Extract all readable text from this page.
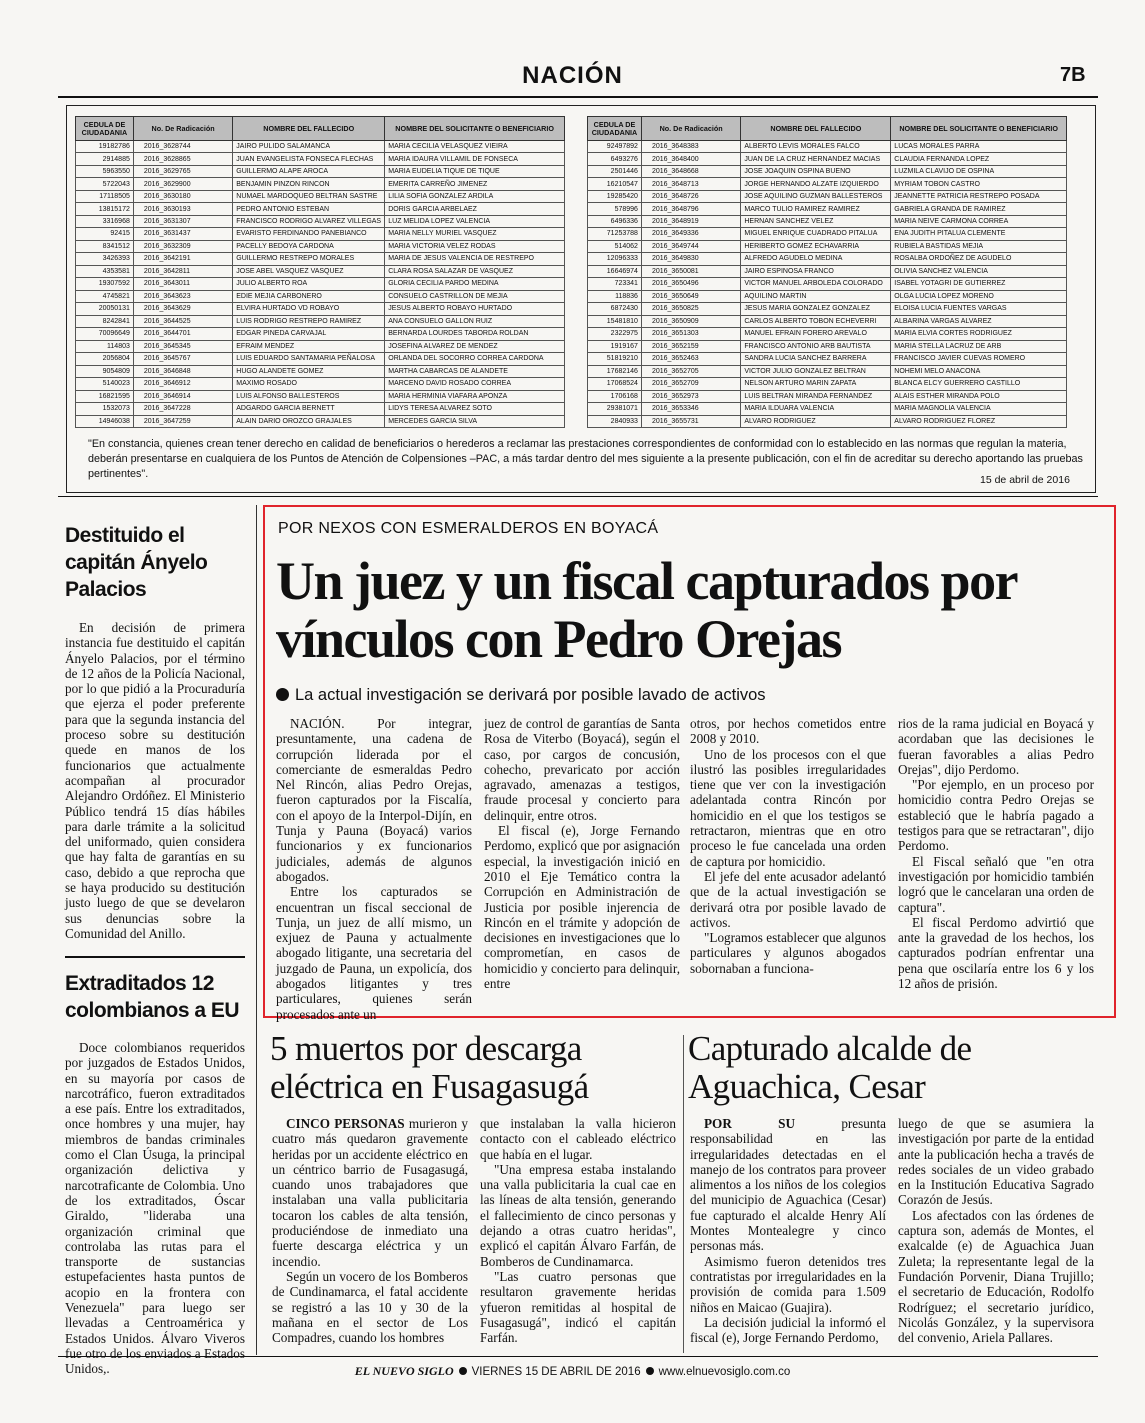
NACIÓN	7B
CEDULA DE CIUDADANIA	No. De Radicación	NOMBRE DEL FALLECIDO	NOMBRE DEL SOLICITANTE O BENEFICIARIO
19182786	2016_3628744	JAIRO PULIDO SALAMANCA	MARIA CECILIA VELASQUEZ VIEIRA
2914885	2016_3628865	JUAN EVANGELISTA FONSECA FLECHAS	MARIA IDAURA VILLAMIL DE FONSECA
5963550	2016_3629765	GUILLERMO ALAPE AROCA	MARIA EUDELIA TIQUE DE TIQUE
5722043	2016_3629900	BENJAMIN PINZON RINCON	EMERITA CARREÑO JIMENEZ
17118505	2016_3630180	NUMAEL MARDOQUEO BELTRAN SASTRE	LILIA SOFIA GONZALEZ ARDILA
13815172	2016_3630193	PEDRO ANTONIO ESTEBAN	DORIS GARCIA ARBELAEZ
3316968	2016_3631307	FRANCISCO RODRIGO ALVAREZ VILLEGAS	LUZ MELIDA LOPEZ VALENCIA
92415	2016_3631437	EVARISTO FERDINANDO PANEBIANCO	MARIA NELLY MURIEL VASQUEZ
8341512	2016_3632309	PACELLY BEDOYA CARDONA	MARIA VICTORIA VELEZ RODAS
3426393	2016_3642191	GUILLERMO RESTREPO MORALES	MARIA DE JESUS VALENCIA DE RESTREPO
4353581	2016_3642811	JOSE ABEL VASQUEZ VASQUEZ	CLARA ROSA SALAZAR DE VASQUEZ
19307592	2016_3643011	JULIO ALBERTO ROA	GLORIA CECILIA PARDO MEDINA
4745821	2016_3643623	EDIE MEJIA CARBONERO	CONSUELO CASTRILLON DE MEJIA
20050131	2016_3643629	ELVIRA HURTADO VD ROBAYO	JESUS ALBERTO ROBAYO HURTADO
8242841	2016_3644525	LUIS RODRIGO RESTREPO RAMIREZ	ANA CONSUELO GALLON RUIZ
70096649	2016_3644701	EDGAR PINEDA CARVAJAL	BERNARDA LOURDES TABORDA ROLDAN
114803	2016_3645345	EFRAIM MENDEZ	JOSEFINA ALVAREZ DE MENDEZ
2056804	2016_3645767	LUIS EDUARDO SANTAMARIA PEÑALOSA	ORLANDA DEL SOCORRO CORREA CARDONA
9054809	2016_3646848	HUGO ALANDETE GOMEZ	MARTHA CABARCAS DE ALANDETE
5140023	2016_3646912	MAXIMO ROSADO	MARCENO DAVID ROSADO CORREA
16821595	2016_3646914	LUIS ALFONSO BALLESTEROS	MARIA HERMINIA VIAFARA APONZA
1532073	2016_3647228	ADGARDO GARCIA BERNETT	LIDYS TERESA ALVAREZ SOTO
14946038	2016_3647259	ALAIN DARIO OROZCO GRAJALES	MERCEDES GARCIA SILVA
CEDULA DE CIUDADANIA	No. De Radicación	NOMBRE DEL FALLECIDO	NOMBRE DEL SOLICITANTE O BENEFICIARIO
92497892	2016_3648383	ALBERTO LEVIS MORALES FALCO	LUCAS MORALES PARRA
6493276	2016_3648400	JUAN DE LA CRUZ HERNANDEZ MACIAS	CLAUDIA FERNANDA LOPEZ
2501446	2016_3648668	JOSE JOAQUIN OSPINA BUENO	LUZMILA CLAVIJO DE OSPINA
16210547	2016_3648713	JORGE HERNANDO ALZATE IZQUIERDO	MYRIAM TOBON CASTRO
19285420	2016_3648726	JOSE AQUILINO GUZMAN BALLESTEROS	JEANNETTE PATRICIA RESTREPO POSADA
578996	2016_3648796	MARCO TULIO RAMIREZ RAMIREZ	GABRIELA GRANDA DE RAMIREZ
6496336	2016_3648919	HERNAN SANCHEZ VELEZ	MARIA NEIVE CARMONA CORREA
71253788	2016_3649336	MIGUEL ENRIQUE CUADRADO PITALUA	ENA JUDITH PITALUA CLEMENTE
514062	2016_3649744	HERIBERTO GOMEZ ECHAVARRIA	RUBIELA BASTIDAS MEJIA
12096333	2016_3649830	ALFREDO AGUDELO MEDINA	ROSALBA ORDOÑEZ DE AGUDELO
16646974	2016_3650081	JAIRO ESPINOSA FRANCO	OLIVIA SANCHEZ VALENCIA
723341	2016_3650496	VICTOR MANUEL ARBOLEDA COLORADO	ISABEL YOTAGRI DE GUTIERREZ
118836	2016_3650649	AQUILINO MARTIN	OLGA LUCIA LOPEZ MORENO
6872430	2016_3650825	JESUS MARIA GONZALEZ GONZALEZ	ELOISA LUCIA FUENTES VARGAS
15481810	2016_3650909	CARLOS ALBERTO TOBON ECHEVERRI	ALBARINA VARGAS ALVAREZ
2322975	2016_3651303	MANUEL EFRAIN FORERO AREVALO	MARIA ELVIA CORTES RODRIGUEZ
1919167	2016_3652159	FRANCISCO ANTONIO ARB BAUTISTA	MARIA STELLA LACRUZ DE ARB
51819210	2016_3652463	SANDRA LUCIA SANCHEZ BARRERA	FRANCISCO JAVIER CUEVAS ROMERO
17682146	2016_3652705	VICTOR JULIO GONZALEZ BELTRAN	NOHEMI MELO ANACONA
17068524	2016_3652709	NELSON ARTURO MARIN ZAPATA	BLANCA ELCY GUERRERO CASTILLO
1706168	2016_3652973	LUIS BELTRAN MIRANDA FERNANDEZ	ALAIS ESTHER MIRANDA POLO
29381071	2016_3653346	MARIA ILDUARA VALENCIA	MARIA MAGNOLIA VALENCIA
2840933	2016_3655731	ALVARO RODRIGUEZ	ALVARO RODRIGUEZ FLOREZ
"En constancia, quienes crean tener derecho en calidad de beneficiarios o herederos a reclamar las prestaciones correspondientes de conformidad con lo establecido en las normas que regulan la materia, deberán presentarse en cualquiera de los Puntos de Atención de Colpensiones –PAC, a más tardar dentro del mes siguiente a la presente publicación, con el fin de acreditar su derecho aportando las pruebas pertinentes".	15 de abril de 2016
Destituido el capitán Ányelo Palacios

En decisión de primera instancia fue destituido el capitán Ányelo Palacios, por el término de 12 años de la Policía Nacional, por lo que pidió a la Procuraduría que ejerza el poder preferente para que la segunda instancia del proceso sobre su destitución quede en manos de los funcionarios que actualmente acompañan al procurador Alejandro Ordóñez. El Ministerio Público tendrá 15 días hábiles para darle trámite a la solicitud del uniformado, quien considera que hay falta de garantías en su caso, debido a que reprocha que se haya producido su destitución justo luego de que se develaron sus denuncias sobre la Comunidad del Anillo.

Extraditados 12 colombianos a EU

Doce colombianos requeridos por juzgados de Estados Unidos, en su mayoría por casos de narcotráfico, fueron extraditados a ese país. Entre los extraditados, once hombres y una mujer, hay miembros de bandas criminales como el Clan Úsuga, la principal organización delictiva y narcotraficante de Colombia. Uno de los extraditados, Óscar Giraldo, "lideraba una organización criminal que controlaba las rutas para el transporte de sustancias estupefacientes hasta puntos de acopio en la frontera con Venezuela" para luego ser llevadas a Centroamérica y Estados Unidos. Álvaro Viveros fue otro de los enviados a Estados Unidos,.

POR NEXOS CON ESMERALDEROS EN BOYACÁ
Un juez y un fiscal capturados por vínculos con Pedro Orejas
La actual investigación se derivará por posible lavado de activos

NACIÓN. Por integrar, presuntamente, una cadena de corrupción liderada por el comerciante de esmeraldas Pedro Nel Rincón, alias Pedro Orejas, fueron capturados por la Fiscalía, con el apoyo de la Interpol-Dijín, en Tunja y Pauna (Boyacá) varios funcionarios y ex funcionarios judiciales, además de algunos abogados.

Entre los capturados se encuentran un fiscal seccional de Tunja, un juez de allí mismo, un exjuez de Pauna y actualmente abogado litigante, una secretaria del juzgado de Pauna, un expolicía, dos abogados litigantes y tres particulares, quienes serán procesados ante un

juez de control de garantías de Santa Rosa de Viterbo (Boyacá), según el caso, por cargos de concusión, cohecho, prevaricato por acción agravado, amenazas a testigos, fraude procesal y concierto para delinquir, entre otros.

El fiscal (e), Jorge Fernando Perdomo, explicó que por asignación especial, la investigación inició en 2010 el Eje Temático contra la Corrupción en Administración de Justicia por posible injerencia de Rincón en el trámite y adopción de decisiones en investigaciones que lo comprometían, en casos de homicidio y concierto para delinquir, entre

otros, por hechos cometidos entre 2008 y 2010.

Uno de los procesos con el que ilustró las posibles irregularidades tiene que ver con la investigación adelantada contra Rincón por homicidio en el que los testigos se retractaron, mientras que en otro proceso le fue cancelada una orden de captura por homicidio.

El jefe del ente acusador adelantó que de la actual investigación se derivará otra por posible lavado de activos.

"Logramos establecer que algunos particulares y algunos abogados sobornaban a funciona-

rios de la rama judicial en Boyacá y acordaban que las decisiones le fueran favorables a alias Pedro Orejas", dijo Perdomo.

"Por ejemplo, en un proceso por homicidio contra Pedro Orejas se estableció que le habría pagado a testigos para que se retractaran", dijo Perdomo.

El Fiscal señaló que "en otra investigación por homicidio también logró que le cancelaran una orden de captura".

El fiscal Perdomo advirtió que ante la gravedad de los hechos, los capturados podrían enfrentar una pena que oscilaría entre los 6 y los 12 años de prisión.

5 muertos por descarga eléctrica en Fusagasugá

CINCO PERSONAS murieron y cuatro más quedaron gravemente heridas por un accidente eléctrico en un céntrico barrio de Fusagasugá, cuando unos trabajadores que instalaban una valla publicitaria tocaron los cables de alta tensión, produciéndose de inmediato una fuerte descarga eléctrica y un incendio.

Según un vocero de los Bomberos de Cundinamarca, el fatal accidente se registró a las 10 y 30 de la mañana en el sector de Los Compadres, cuando los hombres

que instalaban la valla hicieron contacto con el cableado eléctrico que había en el lugar.

"Una empresa estaba instalando una valla publicitaria la cual cae en las líneas de alta tensión, generando el fallecimiento de cinco personas y dejando a otras cuatro heridas", explicó el capitán Álvaro Farfán, de Bomberos de Cundinamarca.

"Las cuatro personas que resultaron gravemente heridas yfueron remitidas al hospital de Fusagasugá", indicó el capitán Farfán.

Capturado alcalde de Aguachica, Cesar

POR SU	presunta responsabilidad en las irregularidades detectadas en el manejo de los contratos para proveer alimentos a los niños de los colegios del municipio de Aguachica (Cesar) fue capturado el alcalde Henry Alí Montes Montealegre y cinco personas más.

Asimismo fueron detenidos tres contratistas por irregularidades en la provisión de comida para 1.509 niños en Maicao (Guajira).

La decisión judicial la informó el fiscal (e), Jorge Fernando Perdomo,

luego de que se asumiera la investigación por parte de la entidad ante la publicación hecha a través de redes sociales de un video grabado en la Institución Educativa Sagrado Corazón de Jesús.

Los afectados con las órdenes de captura son, además de Montes, el exalcalde (e) de Aguachica Juan Zuleta; la representante legal de la Fundación Porvenir, Diana Trujillo; el secretario de Educación, Rodolfo Rodríguez; el secretario jurídico, Nicolás González, y la supervisora del convenio, Ariela Pallares.

EL NUEVO SIGLO VIERNES 15 DE ABRIL DE 2016 www.elnuevosiglo.com.co
